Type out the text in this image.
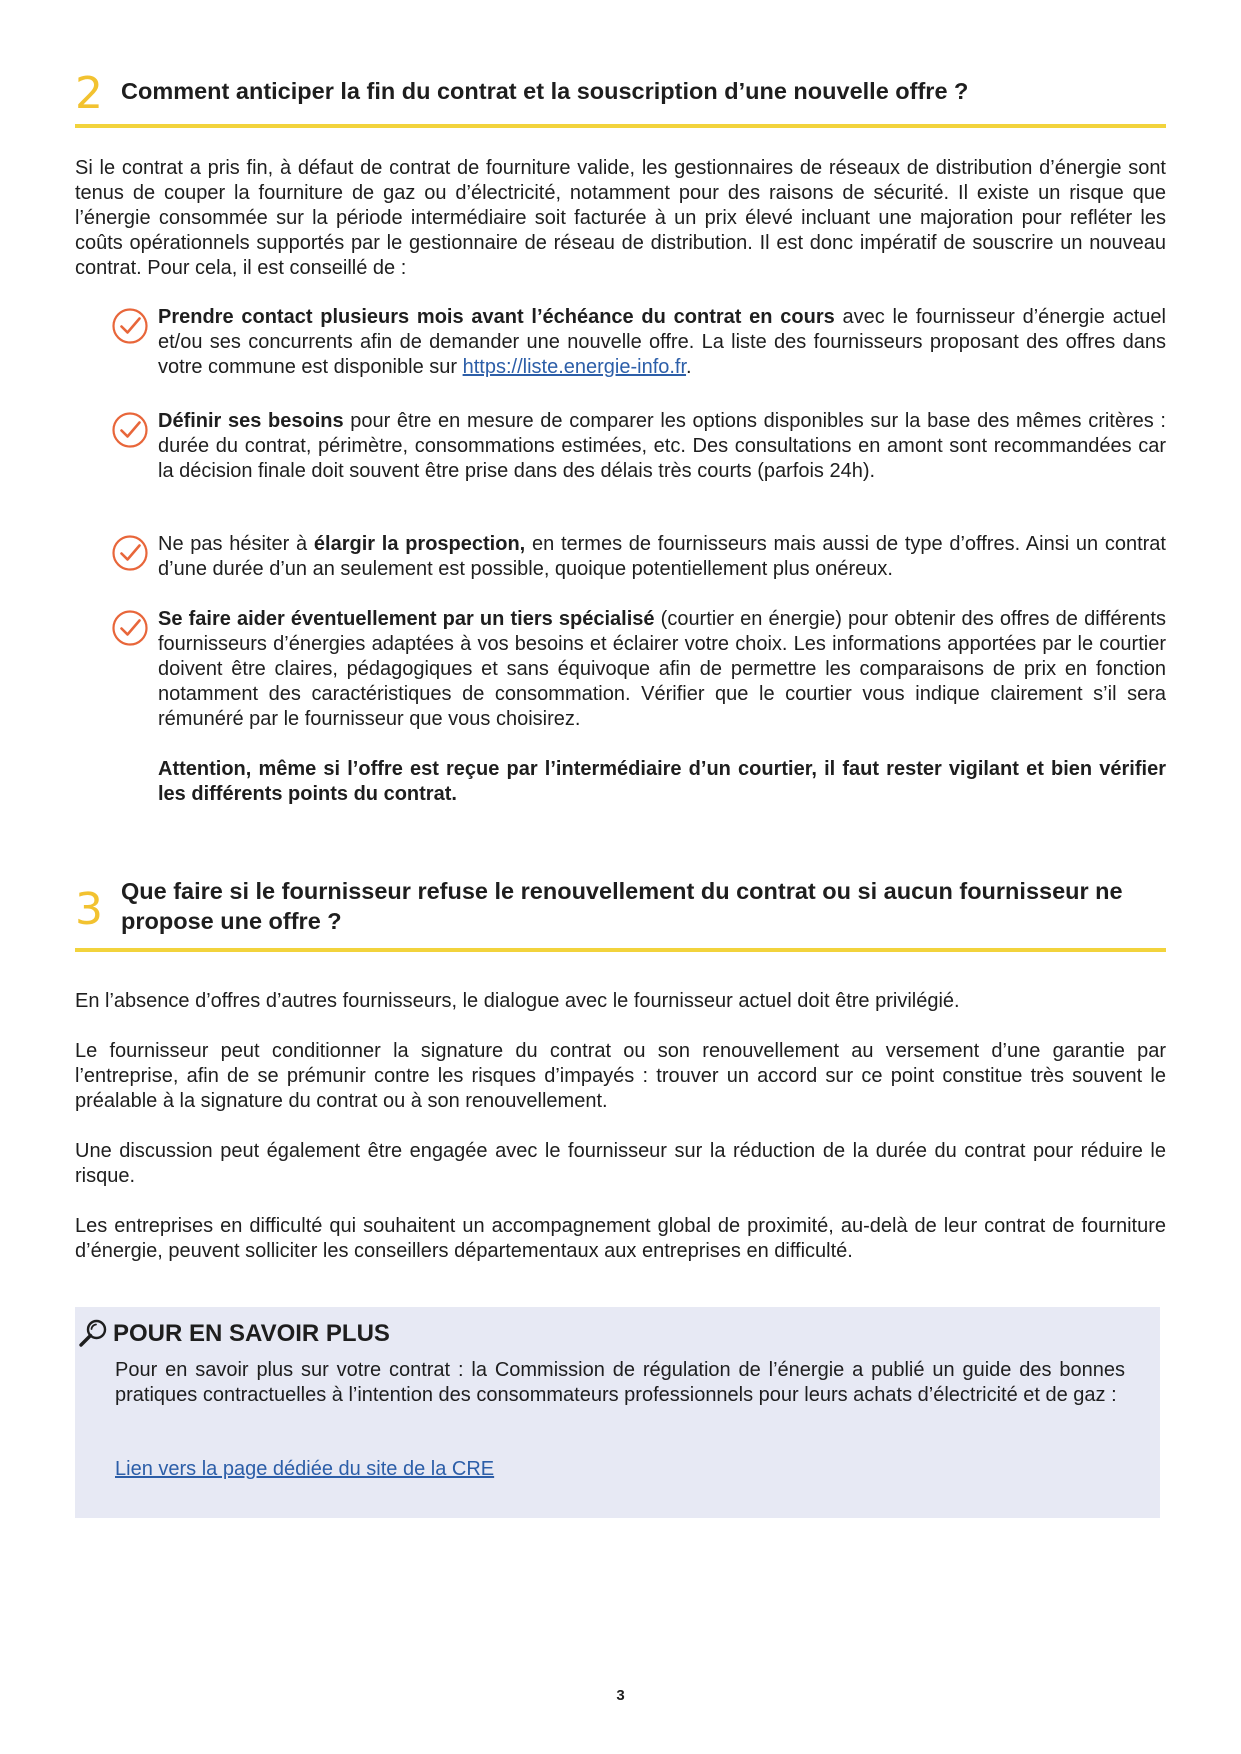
2 Comment anticiper la fin du contrat et la souscription d’une nouvelle offre ?

Si le contrat a pris fin, à défaut de contrat de fourniture valide, les gestionnaires de réseaux de distribution d’énergie sont tenus de couper la fourniture de gaz ou d’électricité, notamment pour des raisons de sécurité. Il existe un risque que l’énergie consommée sur la période intermédiaire soit facturée à un prix élevé incluant une majoration pour refléter les coûts opérationnels supportés par le gestionnaire de réseau de distribution. Il est donc impératif de souscrire un nouveau contrat. Pour cela, il est conseillé de :

Prendre contact plusieurs mois avant l’échéance du contrat en cours avec le fournisseur d’énergie actuel et/ou ses concurrents afin de demander une nouvelle offre. La liste des fournisseurs proposant des offres dans votre commune est disponible sur https://liste.energie-info.fr.
Définir ses besoins pour être en mesure de comparer les options disponibles sur la base des mêmes critères : durée du contrat, périmètre, consommations estimées, etc. Des consultations en amont sont recommandées car la décision finale doit souvent être prise dans des délais très courts (parfois 24h).
Ne pas hésiter à élargir la prospection, en termes de fournisseurs mais aussi de type d’offres. Ainsi un contrat d’une durée d’un an seulement est possible, quoique potentiellement plus onéreux.
Se faire aider éventuellement par un tiers spécialisé (courtier en énergie) pour obtenir des offres de différents fournisseurs d’énergies adaptées à vos besoins et éclairer votre choix. Les informations apportées par le courtier doivent être claires, pédagogiques et sans équivoque afin de permettre les comparaisons de prix en fonction notamment des caractéristiques de consommation. Vérifier que le courtier vous indique clairement s’il sera rémunéré par le fournisseur que vous choisirez.
Attention, même si l’offre est reçue par l’intermédiaire d’un courtier, il faut rester vigilant et bien vérifier les différents points du contrat.
3 Que faire si le fournisseur refuse le renouvellement du contrat ou si aucun fournisseur ne propose une offre ?

En l’absence d’offres d’autres fournisseurs, le dialogue avec le fournisseur actuel doit être privilégié.

Le fournisseur peut conditionner la signature du contrat ou son renouvellement au versement d’une garantie par l’entreprise, afin de se prémunir contre les risques d’impayés : trouver un accord sur ce point constitue très souvent le préalable à la signature du contrat ou à son renouvellement.

Une discussion peut également être engagée avec le fournisseur sur la réduction de la durée du contrat pour réduire le risque.

Les entreprises en difficulté qui souhaitent un accompagnement global de proximité, au-delà de leur contrat de fourniture d’énergie, peuvent solliciter les conseillers départementaux aux entreprises en difficulté.

POUR EN SAVOIR PLUS
Pour en savoir plus sur votre contrat : la Commission de régulation de l’énergie a publié un guide des bonnes pratiques contractuelles à l’intention des consommateurs professionnels pour leurs achats d’électricité et de gaz :
Lien vers la page dédiée du site de la CRE
3
